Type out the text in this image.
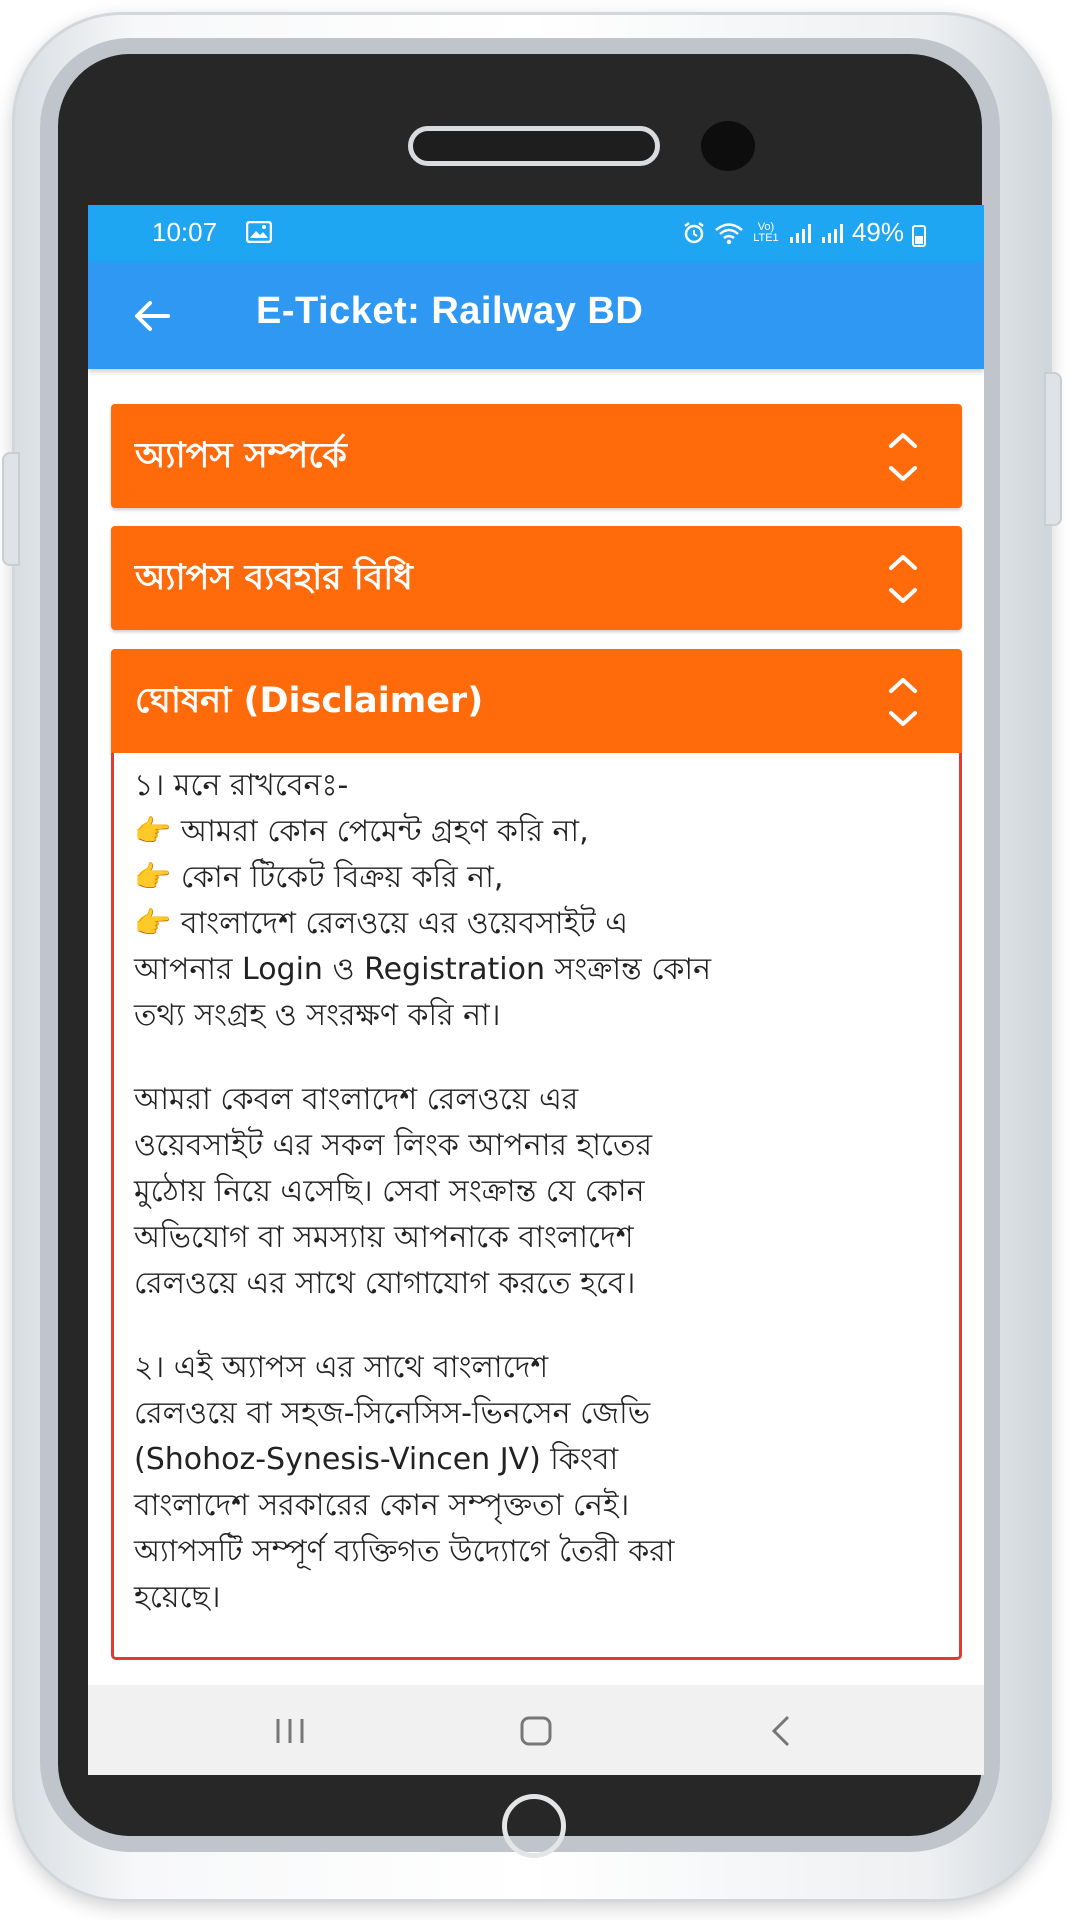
10:07	Vo) LTE1	49%
E-Ticket: Railway BD
অ্যাপস সম্পর্কে
অ্যাপস ব্যবহার বিধি
ঘোষনা (Disclaimer)
১। মনে রাখবেনঃ-
👉 আমরা কোন পেমেন্ট গ্রহণ করি না,
👉 কোন টিকেট বিক্রয় করি না,
👉 বাংলাদেশ রেলওয়ে এর ওয়েবসাইট এ
আপনার Login ও Registration সংক্রান্ত কোন
তথ্য সংগ্রহ ও সংরক্ষণ করি না।
আমরা কেবল বাংলাদেশ রেলওয়ে এর
ওয়েবসাইট এর সকল লিংক আপনার হাতের
মুঠোয় নিয়ে এসেছি। সেবা সংক্রান্ত যে কোন
অভিযোগ বা সমস্যায় আপনাকে বাংলাদেশ
রেলওয়ে এর সাথে যোগাযোগ করতে হবে।
২। এই অ্যাপস এর সাথে বাংলাদেশ
রেলওয়ে বা সহজ-সিনেসিস-ভিনসেন জেভি
(Shohoz-Synesis-Vincen JV) কিংবা
বাংলাদেশ সরকারের কোন সম্পৃক্ততা নেই।
অ্যাপসটি সম্পূর্ণ ব্যক্তিগত উদ্যোগে তৈরী করা
হয়েছে।
